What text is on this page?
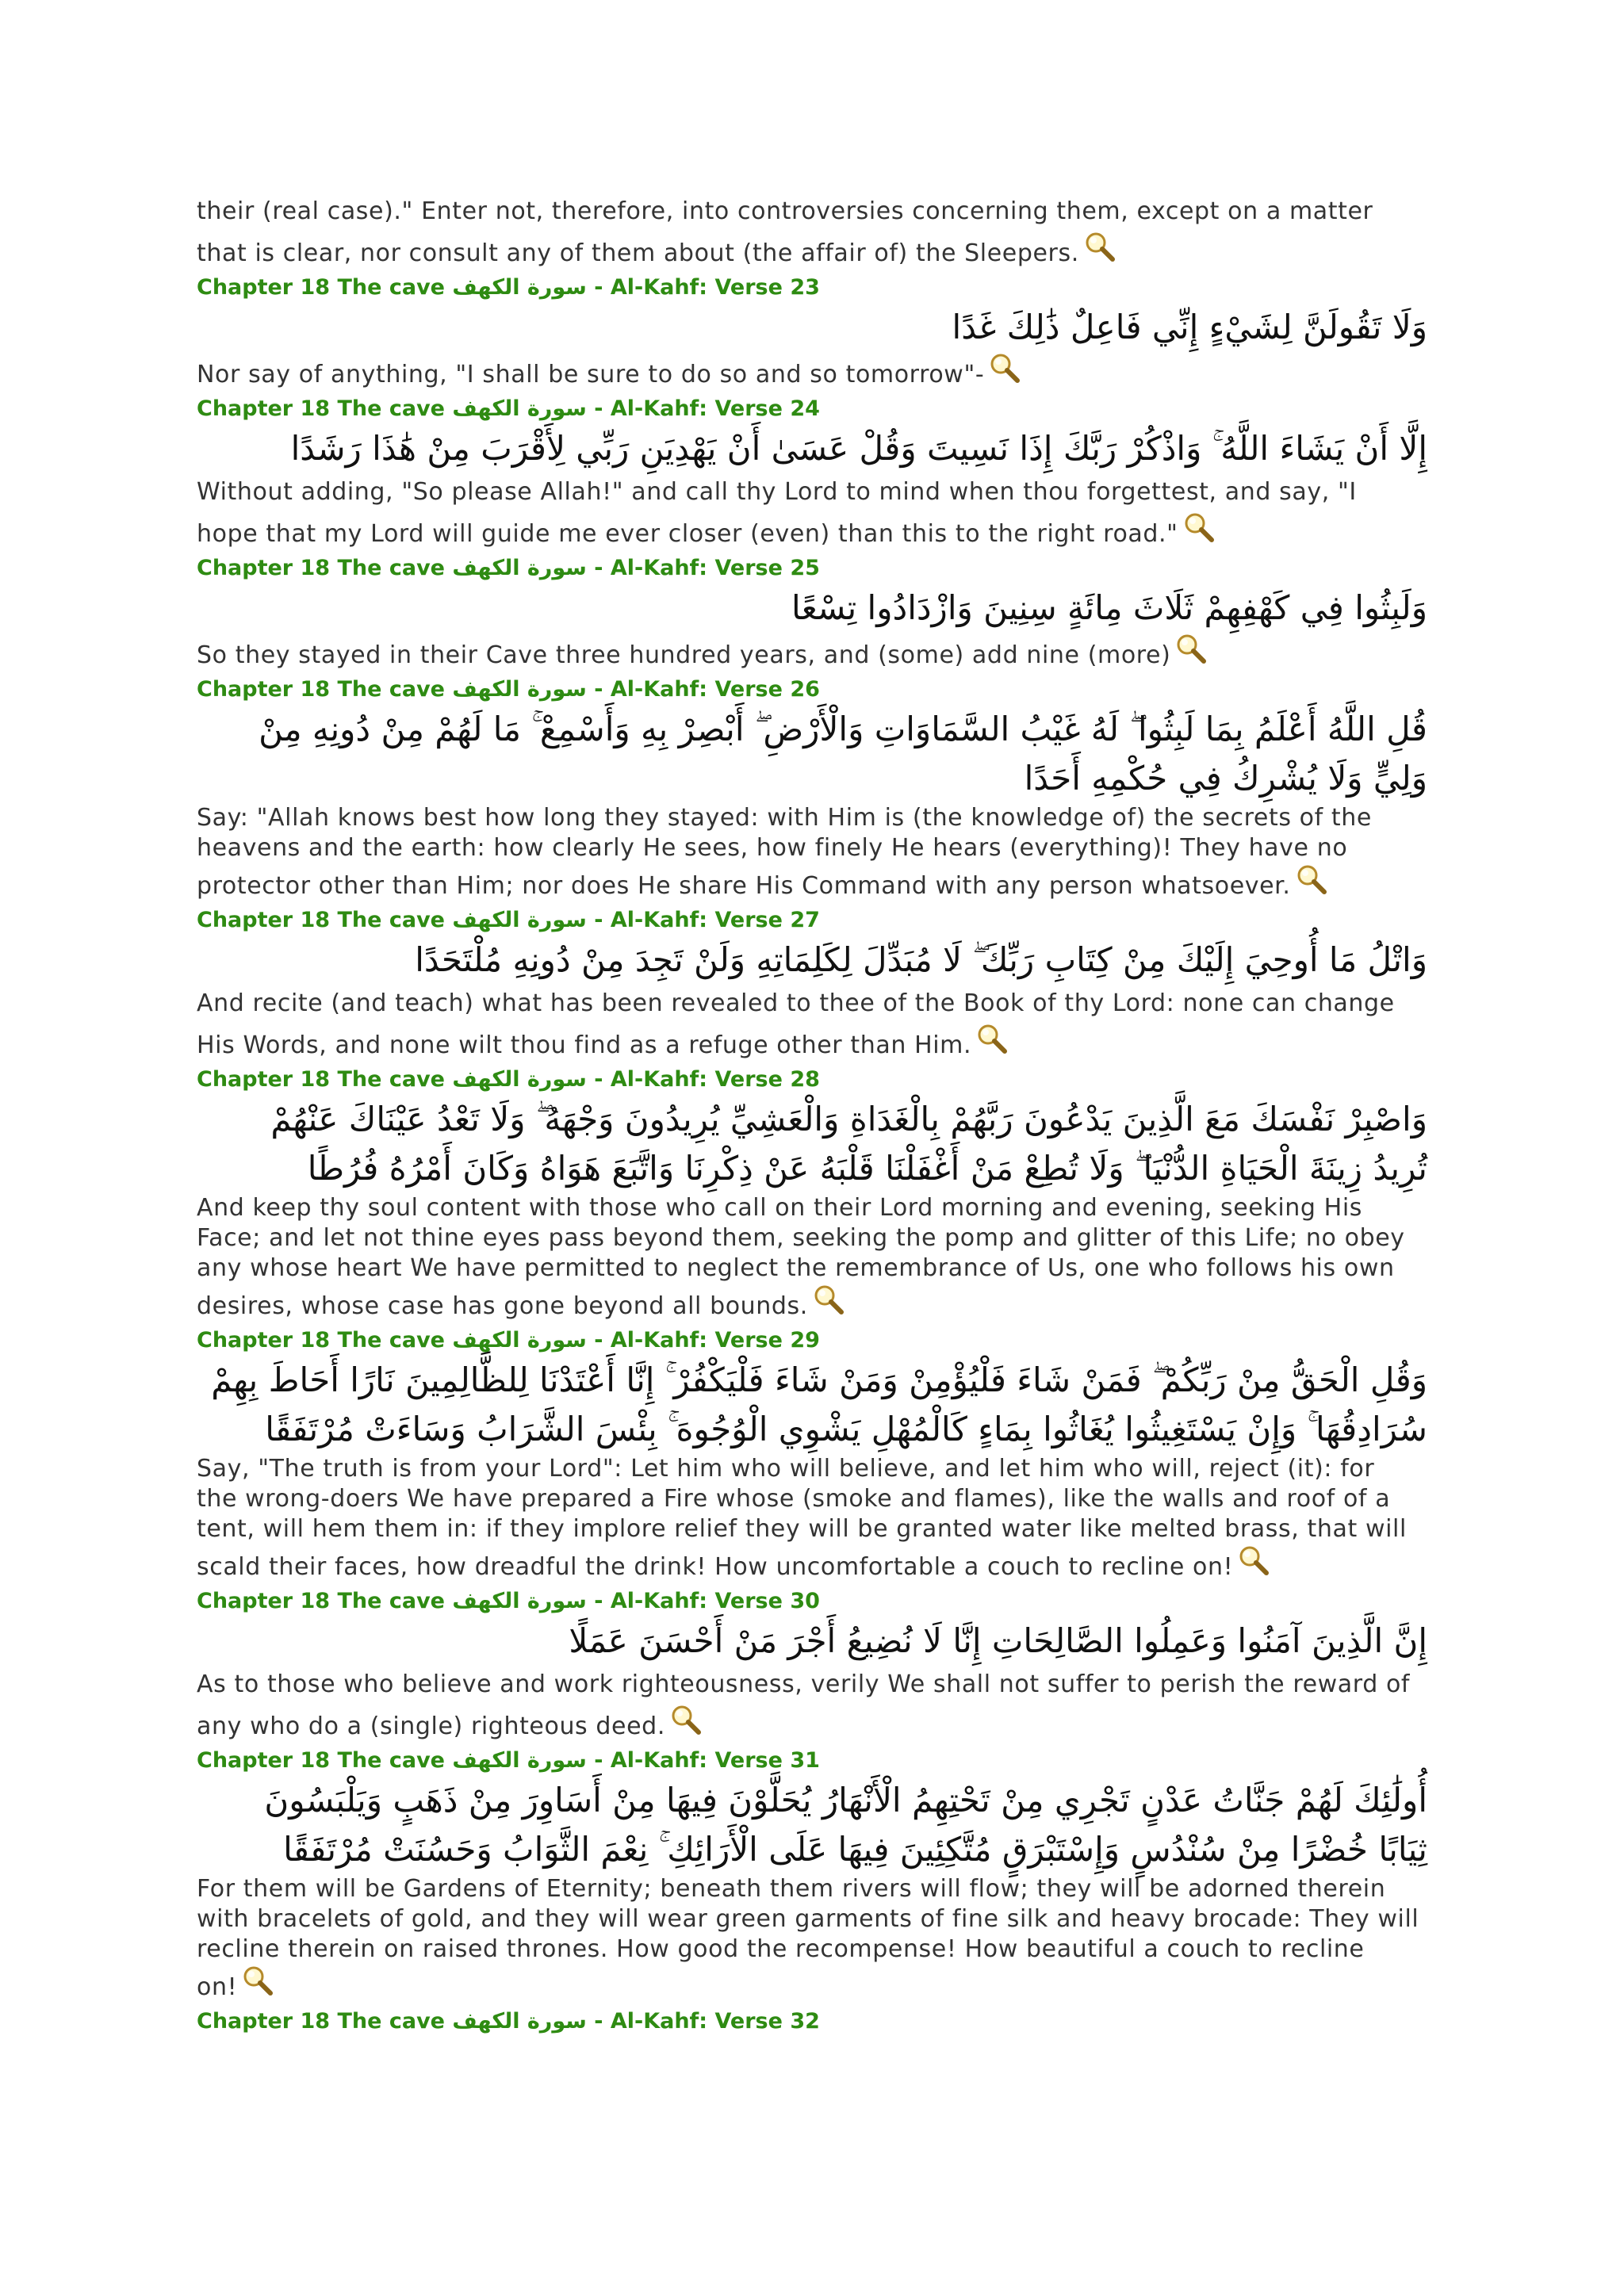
their (real case)." Enter not, therefore, into controversies concerning them, except on a matter
that is clear, nor consult any of them about (the affair of) the Sleepers.
Chapter 18 The cave سورة الكهف - Al-Kahf: Verse 23
وَلَا تَقُولَنَّ لِشَيْءٍ إِنِّي فَاعِلٌ ذَٰلِكَ غَدًا
Nor say of anything, "I shall be sure to do so and so tomorrow"-
Chapter 18 The cave سورة الكهف - Al-Kahf: Verse 24
إِلَّا أَنْ يَشَاءَ اللَّهُ ۚ وَاذْكُرْ رَبَّكَ إِذَا نَسِيتَ وَقُلْ عَسَىٰ أَنْ يَهْدِيَنِ رَبِّي لِأَقْرَبَ مِنْ هَٰذَا رَشَدًا
Without adding, "So please Allah!" and call thy Lord to mind when thou forgettest, and say, "I
hope that my Lord will guide me ever closer (even) than this to the right road."
Chapter 18 The cave سورة الكهف - Al-Kahf: Verse 25
وَلَبِثُوا فِي كَهْفِهِمْ ثَلَاثَ مِائَةٍ سِنِينَ وَازْدَادُوا تِسْعًا
So they stayed in their Cave three hundred years, and (some) add nine (more)
Chapter 18 The cave سورة الكهف - Al-Kahf: Verse 26
قُلِ اللَّهُ أَعْلَمُ بِمَا لَبِثُوا ۖ لَهُ غَيْبُ السَّمَاوَاتِ وَالْأَرْضِ ۖ أَبْصِرْ بِهِ وَأَسْمِعْ ۚ مَا لَهُمْ مِنْ دُونِهِ مِنْ
وَلِيٍّ وَلَا يُشْرِكُ فِي حُكْمِهِ أَحَدًا
Say: "Allah knows best how long they stayed: with Him is (the knowledge of) the secrets of the
heavens and the earth: how clearly He sees, how finely He hears (everything)! They have no
protector other than Him; nor does He share His Command with any person whatsoever.
Chapter 18 The cave سورة الكهف - Al-Kahf: Verse 27
وَاتْلُ مَا أُوحِيَ إِلَيْكَ مِنْ كِتَابِ رَبِّكَ ۖ لَا مُبَدِّلَ لِكَلِمَاتِهِ وَلَنْ تَجِدَ مِنْ دُونِهِ مُلْتَحَدًا
And recite (and teach) what has been revealed to thee of the Book of thy Lord: none can change
His Words, and none wilt thou find as a refuge other than Him.
Chapter 18 The cave سورة الكهف - Al-Kahf: Verse 28
وَاصْبِرْ نَفْسَكَ مَعَ الَّذِينَ يَدْعُونَ رَبَّهُمْ بِالْغَدَاةِ وَالْعَشِيِّ يُرِيدُونَ وَجْهَهُ ۖ وَلَا تَعْدُ عَيْنَاكَ عَنْهُمْ
تُرِيدُ زِينَةَ الْحَيَاةِ الدُّنْيَا ۖ وَلَا تُطِعْ مَنْ أَغْفَلْنَا قَلْبَهُ عَنْ ذِكْرِنَا وَاتَّبَعَ هَوَاهُ وَكَانَ أَمْرُهُ فُرُطًا
And keep thy soul content with those who call on their Lord morning and evening, seeking His
Face; and let not thine eyes pass beyond them, seeking the pomp and glitter of this Life; no obey
any whose heart We have permitted to neglect the remembrance of Us, one who follows his own
desires, whose case has gone beyond all bounds.
Chapter 18 The cave سورة الكهف - Al-Kahf: Verse 29
وَقُلِ الْحَقُّ مِنْ رَبِّكُمْ ۖ فَمَنْ شَاءَ فَلْيُؤْمِنْ وَمَنْ شَاءَ فَلْيَكْفُرْ ۚ إِنَّا أَعْتَدْنَا لِلظَّالِمِينَ نَارًا أَحَاطَ بِهِمْ
سُرَادِقُهَا ۚ وَإِنْ يَسْتَغِيثُوا يُغَاثُوا بِمَاءٍ كَالْمُهْلِ يَشْوِي الْوُجُوهَ ۚ بِئْسَ الشَّرَابُ وَسَاءَتْ مُرْتَفَقًا
Say, "The truth is from your Lord": Let him who will believe, and let him who will, reject (it): for
the wrong-doers We have prepared a Fire whose (smoke and flames), like the walls and roof of a
tent, will hem them in: if they implore relief they will be granted water like melted brass, that will
scald their faces, how dreadful the drink! How uncomfortable a couch to recline on!
Chapter 18 The cave سورة الكهف - Al-Kahf: Verse 30
إِنَّ الَّذِينَ آمَنُوا وَعَمِلُوا الصَّالِحَاتِ إِنَّا لَا نُضِيعُ أَجْرَ مَنْ أَحْسَنَ عَمَلًا
As to those who believe and work righteousness, verily We shall not suffer to perish the reward of
any who do a (single) righteous deed.
Chapter 18 The cave سورة الكهف - Al-Kahf: Verse 31
أُولَٰئِكَ لَهُمْ جَنَّاتُ عَدْنٍ تَجْرِي مِنْ تَحْتِهِمُ الْأَنْهَارُ يُحَلَّوْنَ فِيهَا مِنْ أَسَاوِرَ مِنْ ذَهَبٍ وَيَلْبَسُونَ
ثِيَابًا خُضْرًا مِنْ سُنْدُسٍ وَإِسْتَبْرَقٍ مُتَّكِئِينَ فِيهَا عَلَى الْأَرَائِكِ ۚ نِعْمَ الثَّوَابُ وَحَسُنَتْ مُرْتَفَقًا
For them will be Gardens of Eternity; beneath them rivers will flow; they will be adorned therein
with bracelets of gold, and they will wear green garments of fine silk and heavy brocade: They will
recline therein on raised thrones. How good the recompense! How beautiful a couch to recline
on!
Chapter 18 The cave سورة الكهف - Al-Kahf: Verse 32
